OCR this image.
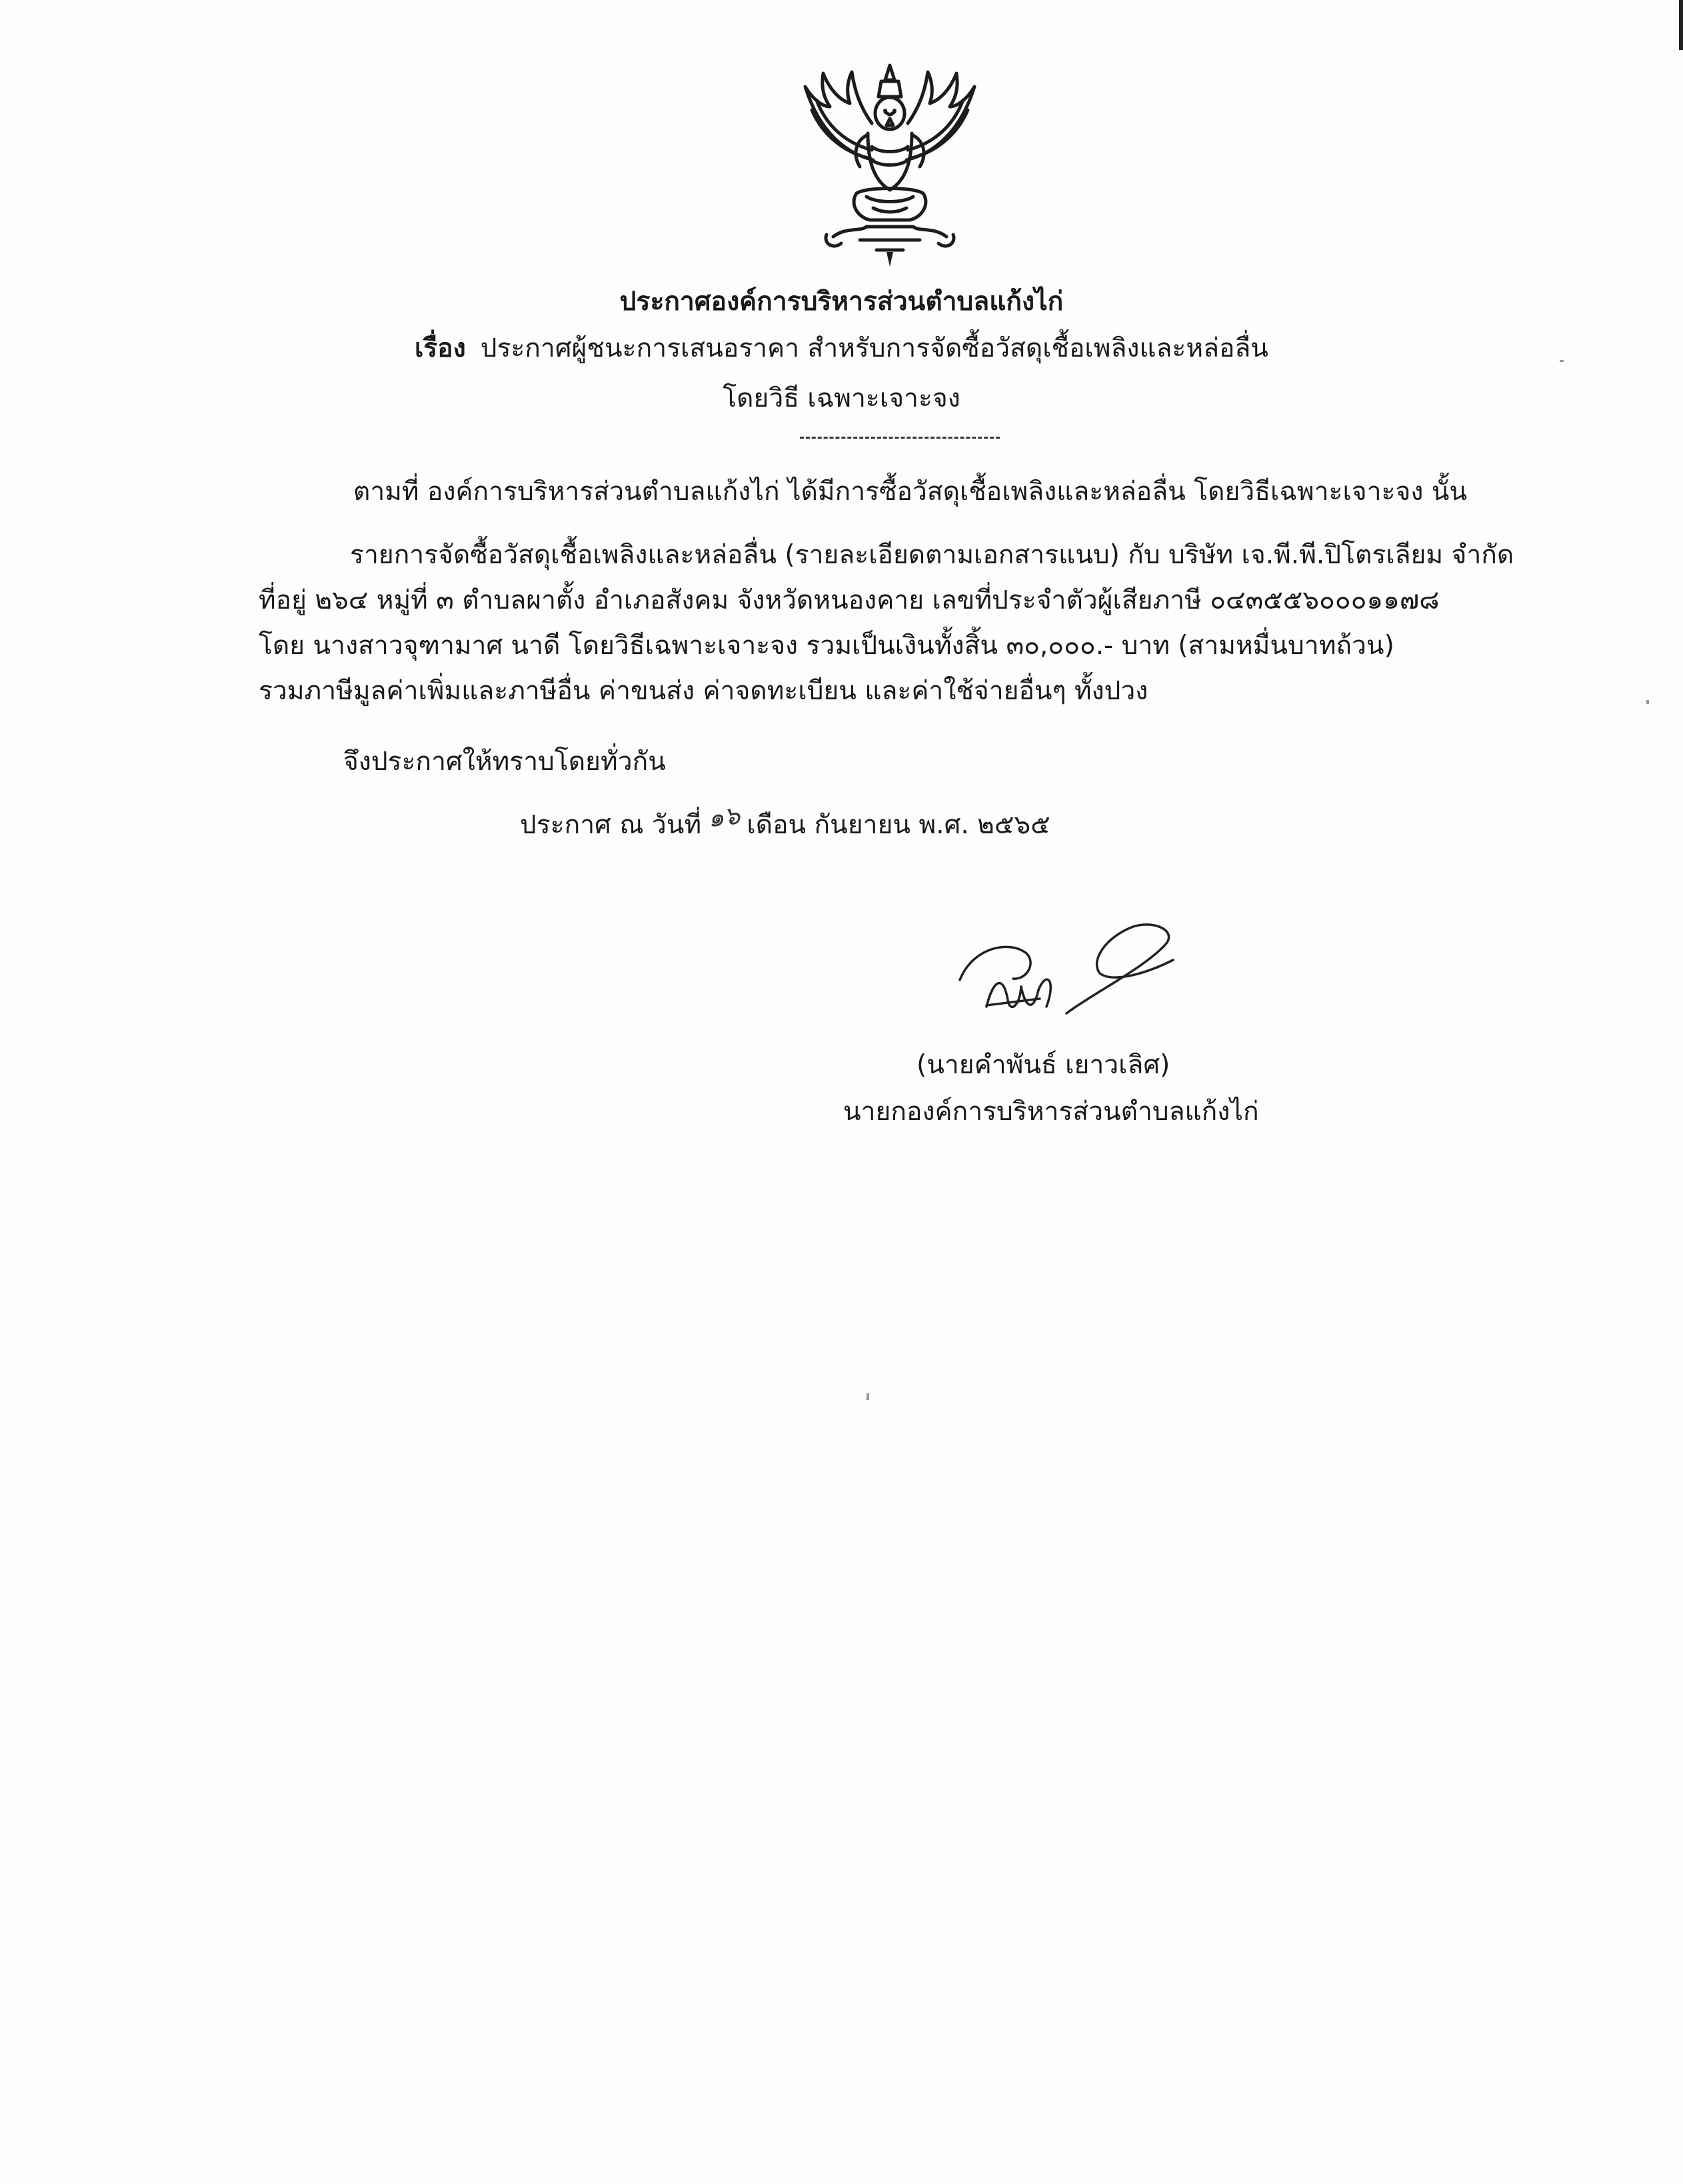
ประกาศองค์การบริหารส่วนตำบลแก้งไก่
เรื่อง ประกาศผู้ชนะการเสนอราคา สำหรับการจัดซื้อวัสดุเชื้อเพลิงและหล่อลื่น
โดยวิธี เฉพาะเจาะจง
ตามที่ องค์การบริหารส่วนตำบลแก้งไก่ ได้มีการซื้อวัสดุเชื้อเพลิงและหล่อลื่น โดยวิธีเฉพาะเจาะจง นั้น
รายการจัดซื้อวัสดุเชื้อเพลิงและหล่อลื่น (รายละเอียดตามเอกสารแนบ) กับ บริษัท เจ.พี.พี.ปิโตรเลียม จำกัด
ที่อยู่ ๒๖๔ หมู่ที่ ๓ ตำบลผาตั้ง อำเภอสังคม จังหวัดหนองคาย เลขที่ประจำตัวผู้เสียภาษี ๐๔๓๕๕๖๐๐๐๑๑๗๘
โดย นางสาวจุฑามาศ นาดี โดยวิธีเฉพาะเจาะจง รวมเป็นเงินทั้งสิ้น ๓๐,๐๐๐.- บาท (สามหมื่นบาทถ้วน)
รวมภาษีมูลค่าเพิ่มและภาษีอื่น ค่าขนส่ง ค่าจดทะเบียน และค่าใช้จ่ายอื่นๆ ทั้งปวง
จึงประกาศให้ทราบโดยทั่วกัน
ประกาศ ณ วันที่ ๑๖ เดือน กันยายน พ.ศ. ๒๕๖๕
(นายคำพันธ์ เยาวเลิศ)
นายกองค์การบริหารส่วนตำบลแก้งไก่
